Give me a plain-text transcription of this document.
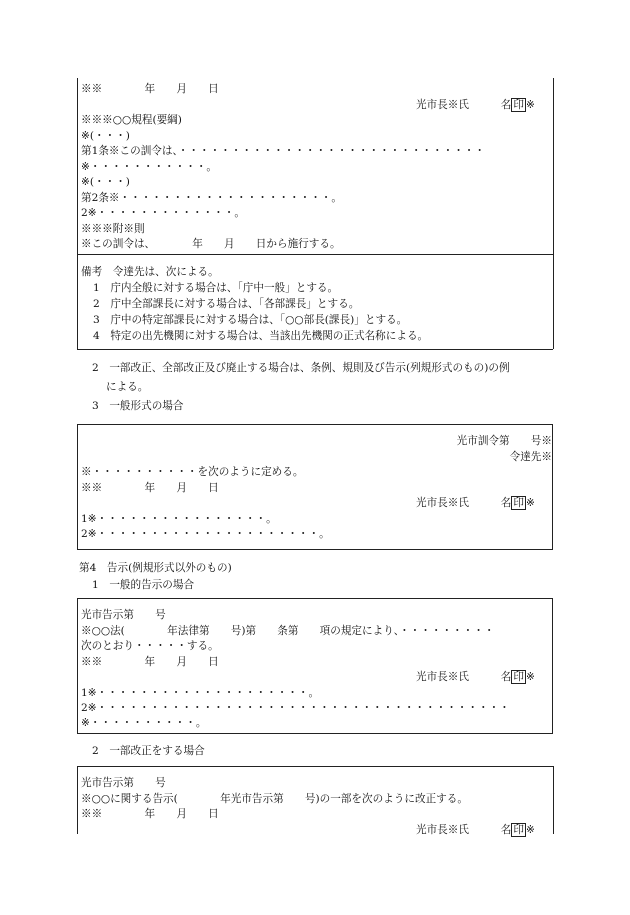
※※　　　　年　　月　　日
光市長※氏　　　名 印 ※
※※※○○規程(要綱)
※(・・・)
第1条※この訓令は、・・・・・・・・・・・・・・・・・・・・・・・・・・・・・
※・・・・・・・・・・・。
※(・・・)
第2条※・・・・・・・・・・・・・・・・・・・・。
2※・・・・・・・・・・・・・。
※※※附※則
※この訓令は、　　　　年　　月　　日から施行する。
備考　令達先は、次による。
1　庁内全般に対する場合は、「庁中一般」とする。
2　庁中全部課長に対する場合は、「各部課長」とする。
3　庁中の特定部課長に対する場合は、「○○部長(課長)」とする。
4　特定の出先機関に対する場合は、当該出先機関の正式名称による。
2　一部改正、全部改正及び廃止する場合は、条例、規則及び告示(列規形式のもの)の例
による。
3　一般形式の場合
光市訓令第　　号※
令達先※
※・・・・・・・・・・を次のように定める。
※※　　　　年　　月　　日
光市長※氏　　　名 印 ※
1※・・・・・・・・・・・・・・・・。
2※・・・・・・・・・・・・・・・・・・・・・。
第4　告示(例規形式以外のもの)
1　一般的告示の場合
光市告示第　　号
※○○法(　　　　年法律第　　号)第　　条第　　項の規定により、・・・・・・・・・
次のとおり・・・・・する。
※※　　　　年　　月　　日
光市長※氏　　　名 印 ※
1※・・・・・・・・・・・・・・・・・・・・。
2※・・・・・・・・・・・・・・・・・・・・・・・・・・・・・・・・・・・・・・・
※・・・・・・・・・・。
2　一部改正をする場合
光市告示第　　号
※○○に関する告示(　　　　年光市告示第　　号)の一部を次のように改正する。
※※　　　　年　　月　　日
光市長※氏　　　名 印 ※
